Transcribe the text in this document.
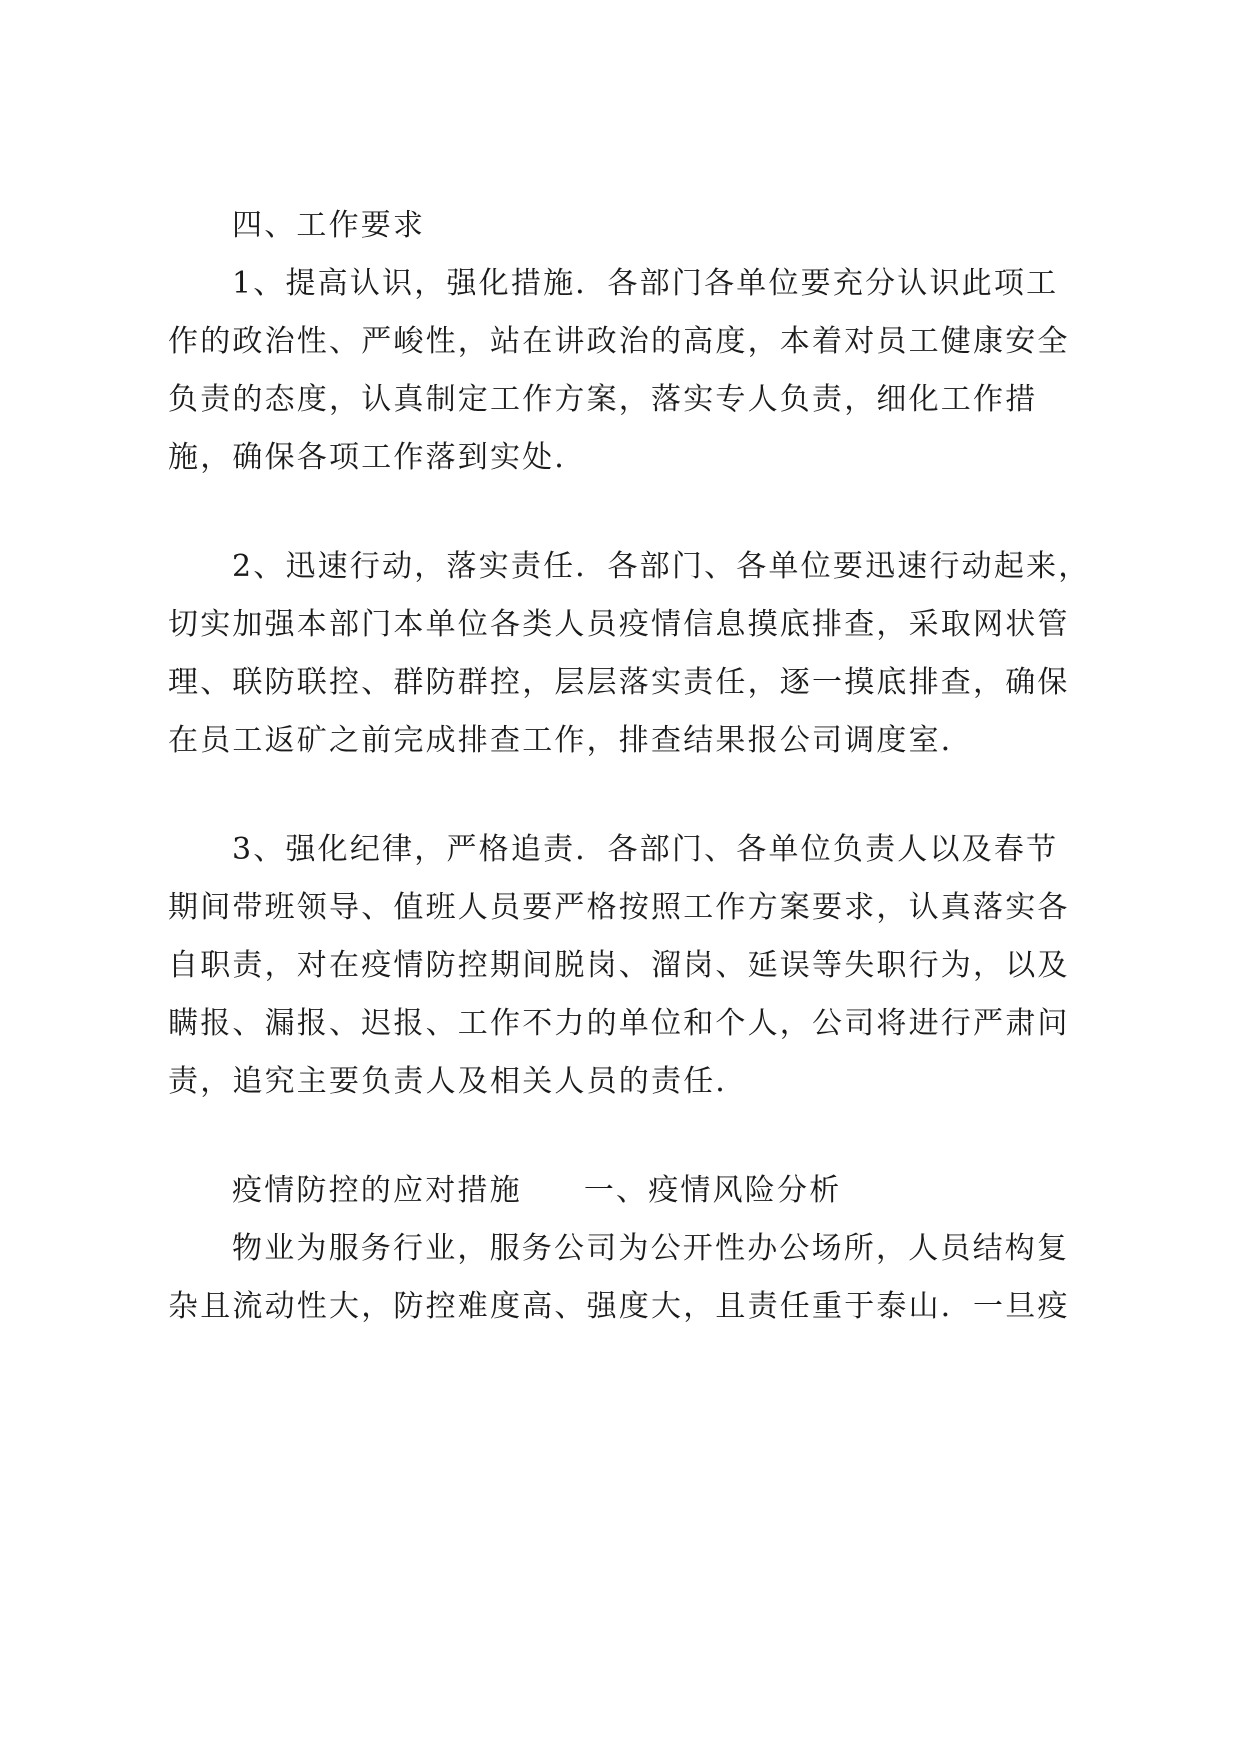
四、工作要求
1、提高认识，强化措施．各部门各单位要充分认识此项工
作的政治性、严峻性，站在讲政治的高度，本着对员工健康安全
负责的态度，认真制定工作方案，落实专人负责，细化工作措
施，确保各项工作落到实处．
2、迅速行动，落实责任．各部门、各单位要迅速行动起来，
切实加强本部门本单位各类人员疫情信息摸底排查，采取网状管
理、联防联控、群防群控，层层落实责任，逐一摸底排查，确保
在员工返矿之前完成排查工作，排查结果报公司调度室．
3、强化纪律，严格追责．各部门、各单位负责人以及春节
期间带班领导、值班人员要严格按照工作方案要求，认真落实各
自职责，对在疫情防控期间脱岗、溜岗、延误等失职行为，以及
瞒报、漏报、迟报、工作不力的单位和个人，公司将进行严肃问
责，追究主要负责人及相关人员的责任．
疫情防控的应对措施 一、疫情风险分析
物业为服务行业，服务公司为公开性办公场所，人员结构复
杂且流动性大，防控难度高、强度大，且责任重于泰山．一旦疫
